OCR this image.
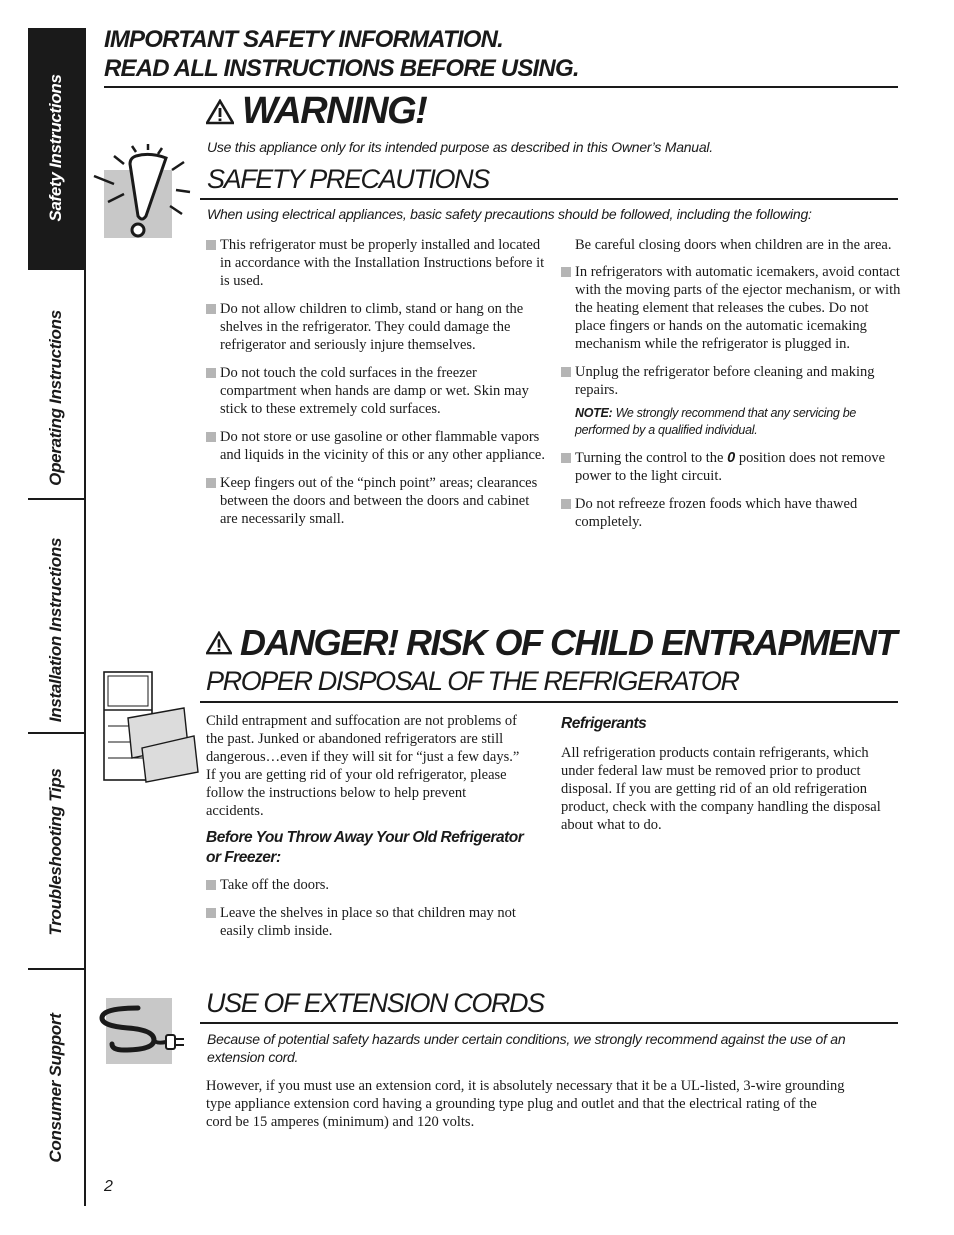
Safety Instructions
Operating Instructions
Installation Instructions
Troubleshooting Tips
Consumer Support
IMPORTANT SAFETY INFORMATION.
READ ALL INSTRUCTIONS BEFORE USING.
WARNING!
Use this appliance only for its intended purpose as described in this Owner’s Manual.
SAFETY PRECAUTIONS
When using electrical appliances, basic safety precautions should be followed, including the following:
This refrigerator must be properly installed and located in accordance with the Installation Instructions before it is used.
Do not allow children to climb, stand or hang on the shelves in the refrigerator. They could damage the refrigerator and seriously injure themselves.
Do not touch the cold surfaces in the freezer compartment when hands are damp or wet. Skin may stick to these extremely cold surfaces.
Do not store or use gasoline or other flammable vapors and liquids in the vicinity of this or any other appliance.
Keep fingers out of the “pinch point” areas; clearances between the doors and between the doors and cabinet are necessarily small.
Be careful closing doors when children are in the area.
In refrigerators with automatic icemakers, avoid contact with the moving parts of the ejector mechanism, or with the heating element that releases the cubes. Do not place fingers or hands on the automatic icemaking mechanism while the refrigerator is plugged in.
Unplug the refrigerator before cleaning and making repairs.
NOTE: We strongly recommend that any servicing be performed by a qualified individual.
Turning the control to the 0 position does not remove power to the light circuit.
Do not refreeze frozen foods which have thawed completely.
DANGER! RISK OF CHILD ENTRAPMENT
PROPER DISPOSAL OF THE REFRIGERATOR
Child entrapment and suffocation are not problems of the past. Junked or abandoned refrigerators are still dangerous…even if they will sit for “just a few days.” If you are getting rid of your old refrigerator, please follow the instructions below to help prevent accidents.
Before You Throw Away Your Old Refrigerator or Freezer:
Take off the doors.
Leave the shelves in place so that children may not easily climb inside.
Refrigerants
All refrigeration products contain refrigerants, which under federal law must be removed prior to product disposal. If you are getting rid of an old refrigeration product, check with the company handling the disposal about what to do.
USE OF EXTENSION CORDS
Because of potential safety hazards under certain conditions, we strongly recommend against the use of an extension cord.
However, if you must use an extension cord, it is absolutely necessary that it be a UL-listed, 3-wire grounding type appliance extension cord having a grounding type plug and outlet and that the electrical rating of the cord be 15 amperes (minimum) and 120 volts.
2
